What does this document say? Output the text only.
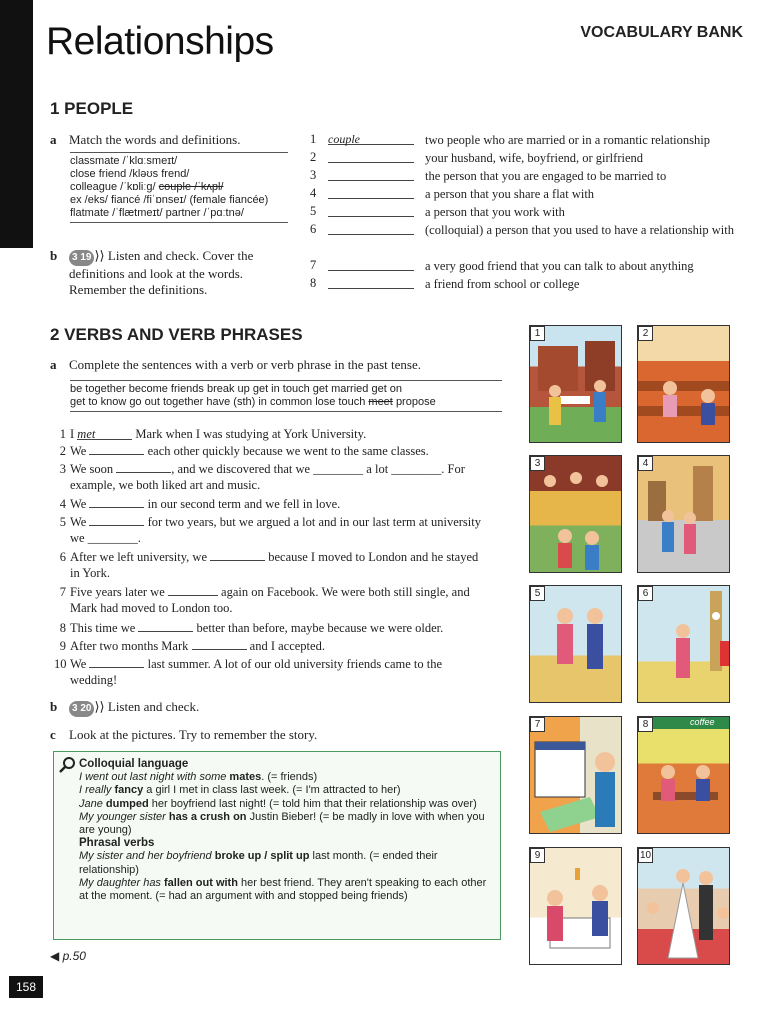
Relationships	VOCABULARY BANK
1 PEOPLE
a Match the words and definitions.
classmate /ˈklɑːsmeɪt/
close friend /kləʊs frend/
colleague /ˈkɒliːɡ/ couple /ˈkʌpl/
ex /eks/ fiancé /fiˈɒnseɪ/ (female fiancée)
flatmate /ˈflætmeɪt/ partner /ˈpɑːtnə/
b	3 19 ⟩⟩ Listen and check. Cover the definitions and look at the words. Remember the definitions.
1 couple	two people who are married or in a romantic relationship
2	your husband, wife, boyfriend, or girlfriend
3	the person that you are engaged to be married to
4	a person that you share a flat with
5	a person that you work with
6	(colloquial) a person that you used to have a relationship with
7	a very good friend that you can talk to about anything
8	a friend from school or college
2 VERBS AND VERB PHRASES
a Complete the sentences with a verb or verb phrase in the past tense.
be together become friends break up get in touch get married get on
get to know go out together have (sth) in common lose touch meet propose
1 I met	Mark when I was studying at York University.
2 We	each other quickly because we went to the same classes.
3 We soon	, and we discovered that we ________ a lot ________. For example, we both liked art and music.
4 We	in our second term and we fell in love.
5 We	for two years, but we argued a lot and in our last term at university we ________.
6 After we left university, we	because I moved to London and he stayed in York.
7 Five years later we	again on Facebook. We were both still single, and Mark had moved to London too.
8 This time we	better than before, maybe because we were older.
9 After two months Mark	and I accepted.
10 We	last summer. A lot of our old university friends came to the wedding!
b	3 20 ⟩⟩ Listen and check.
c Look at the pictures. Try to remember the story.
Colloquial language
I went out last night with some mates. (= friends)
I really fancy a girl I met in class last week. (= I'm attracted to her)
Jane dumped her boyfriend last night! (= told him that their relationship was over)
My younger sister has a crush on Justin Bieber! (= be madly in love with when you are young)
Phrasal verbs
My sister and her boyfriend broke up / split up last month. (= ended their relationship)
My daughter has fallen out with her best friend. They aren't speaking to each other at the moment. (= had an argument with and stopped being friends)
◀ p.50
158
1	2
3	4
5	6
7	8	coffee
9	10
